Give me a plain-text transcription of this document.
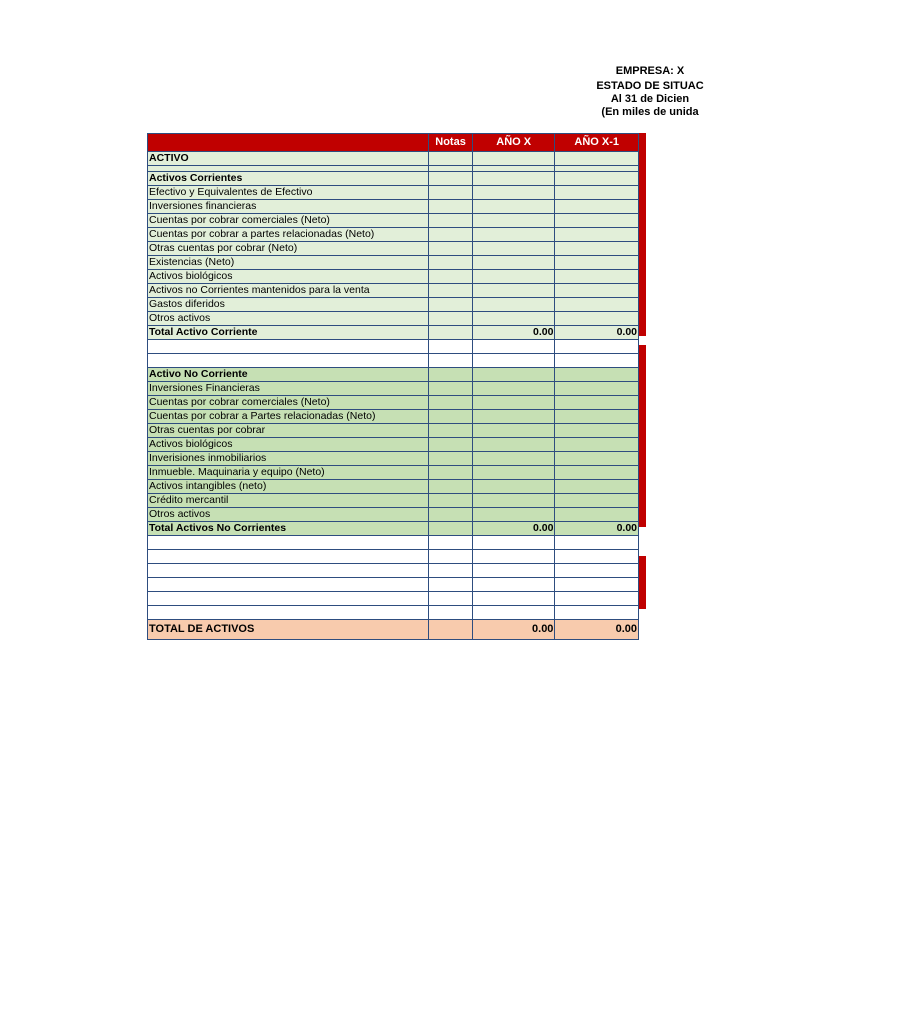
EMPRESA: X
ESTADO DE SITUAC
Al 31 de Dicien
(En miles de unida
	Notas	AÑO X	AÑO X-1
ACTIVO			

Activos Corrientes			
Efectivo y Equivalentes de Efectivo			
Inversiones financieras			
Cuentas por cobrar comerciales (Neto)			
Cuentas por cobrar a partes relacionadas (Neto)			
Otras cuentas por cobrar (Neto)			
Existencias (Neto)			
Activos biológicos			
Activos no Corrientes mantenidos para la venta			
Gastos diferidos			
Otros activos			
Total Activo Corriente		0.00	0.00

Activo No Corriente			
Inversiones Financieras			
Cuentas por cobrar comerciales (Neto)			
Cuentas por cobrar a Partes relacionadas (Neto)			
Otras cuentas por cobrar			
Activos biológicos			
Inverisiones inmobiliarios			
Inmueble. Maquinaria y equipo (Neto)			
Activos intangibles (neto)			
Crédito mercantil			
Otros activos			
Total Activos No Corrientes		0.00	0.00

TOTAL DE ACTIVOS		0.00	0.00
